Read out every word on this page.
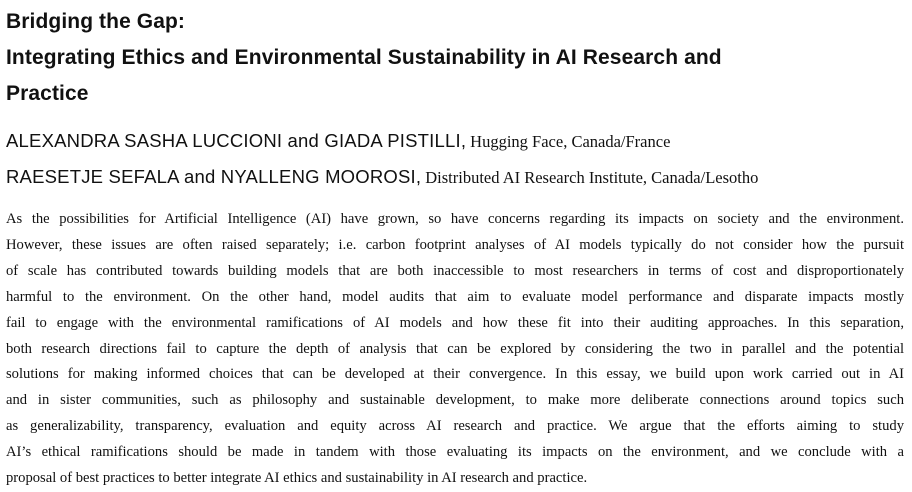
Bridging the Gap:
Integrating Ethics and Environmental Sustainability in AI Research and
Practice
ALEXANDRA SASHA LUCCIONI and GIADA PISTILLI, Hugging Face, Canada/France
RAESETJE SEFALA and NYALLENG MOOROSI, Distributed AI Research Institute, Canada/Lesotho
As the possibilities for Artificial Intelligence (AI) have grown, so have concerns regarding its impacts on society and the environment.
However, these issues are often raised separately; i.e. carbon footprint analyses of AI models typically do not consider how the pursuit
of scale has contributed towards building models that are both inaccessible to most researchers in terms of cost and disproportionately
harmful to the environment. On the other hand, model audits that aim to evaluate model performance and disparate impacts mostly
fail to engage with the environmental ramifications of AI models and how these fit into their auditing approaches. In this separation,
both research directions fail to capture the depth of analysis that can be explored by considering the two in parallel and the potential
solutions for making informed choices that can be developed at their convergence. In this essay, we build upon work carried out in AI
and in sister communities, such as philosophy and sustainable development, to make more deliberate connections around topics such
as generalizability, transparency, evaluation and equity across AI research and practice. We argue that the efforts aiming to study
AI’s ethical ramifications should be made in tandem with those evaluating its impacts on the environment, and we conclude with a
proposal of best practices to better integrate AI ethics and sustainability in AI research and practice.
